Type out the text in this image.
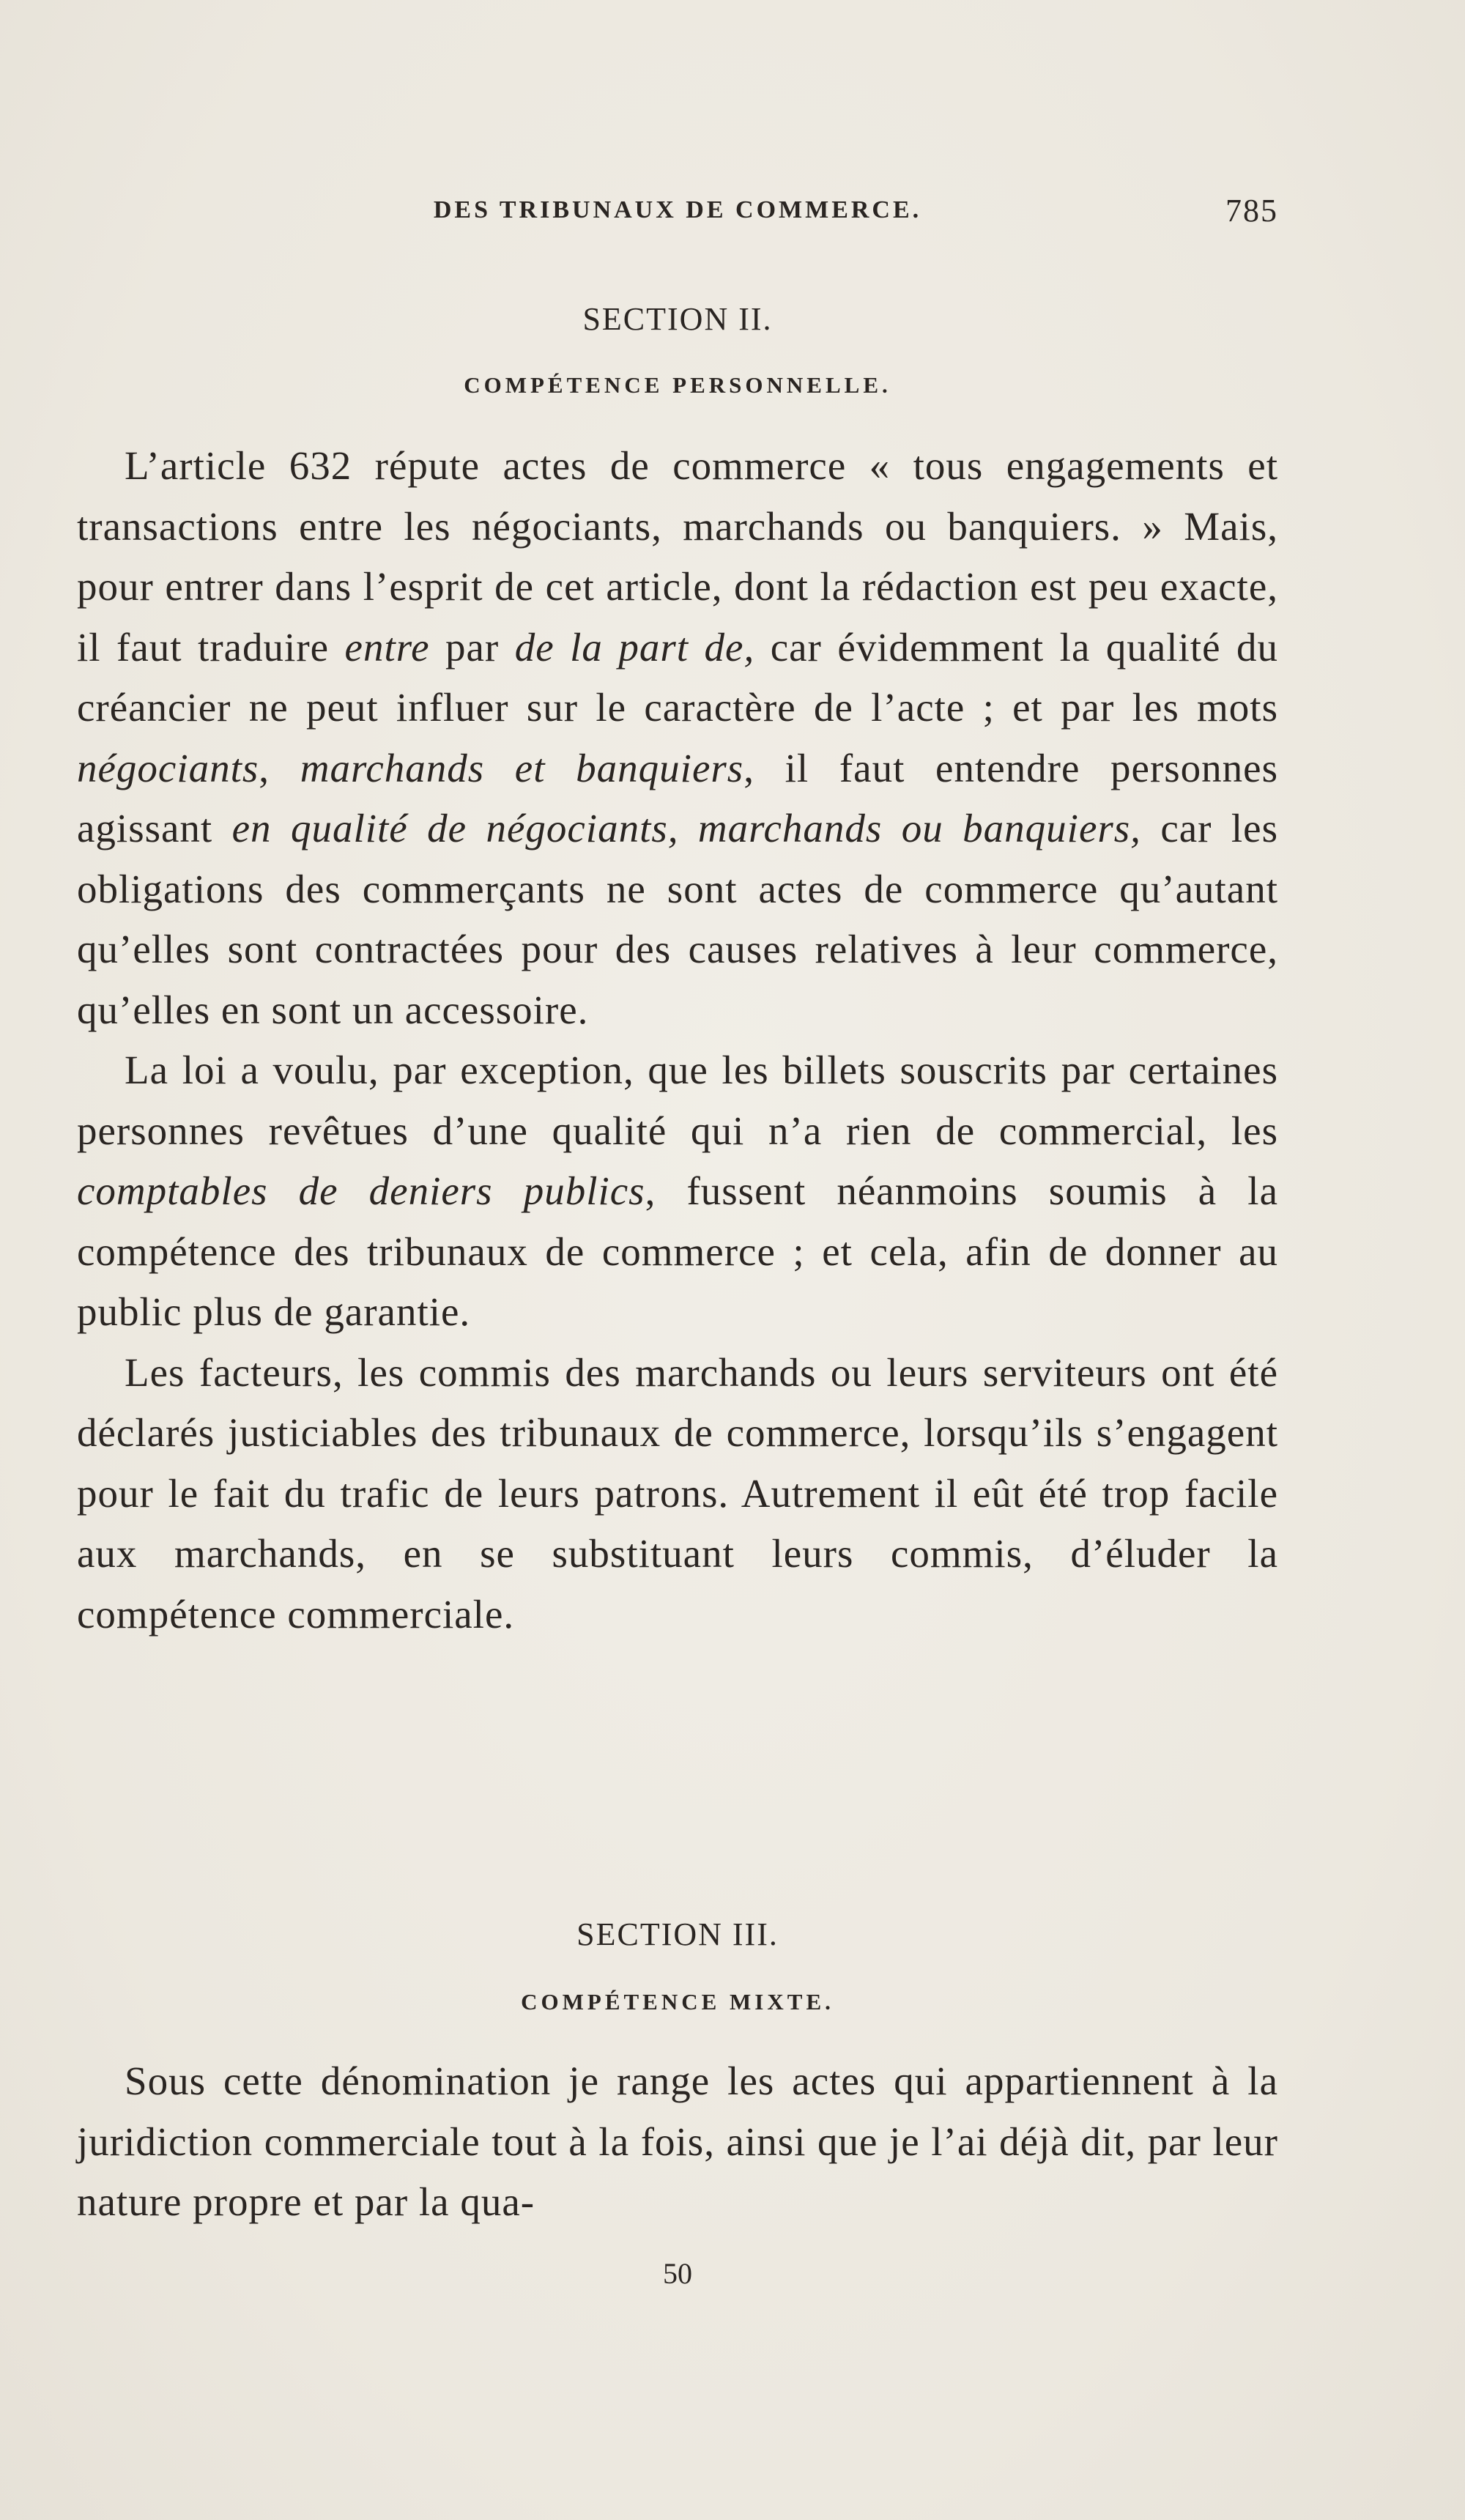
DES TRIBUNAUX DE COMMERCE.	785
SECTION II.
COMPÉTENCE PERSONNELLE.

L’article 632 répute actes de commerce « tous engagements et transactions entre les négociants, marchands ou banquiers. » Mais, pour entrer dans l’esprit de cet article, dont la rédaction est peu exacte, il faut traduire entre par de la part de, car évidemment la qualité du créancier ne peut influer sur le caractère de l’acte ; et par les mots négociants, marchands et banquiers, il faut entendre personnes agissant en qualité de négociants, marchands ou banquiers, car les obligations des commerçants ne sont actes de commerce qu’autant qu’elles sont contractées pour des causes relatives à leur commerce, qu’elles en sont un accessoire.

La loi a voulu, par exception, que les billets souscrits par certaines personnes revêtues d’une qualité qui n’a rien de commercial, les comptables de deniers publics, fussent néanmoins soumis à la compétence des tribunaux de commerce ; et cela, afin de donner au public plus de garantie.

Les facteurs, les commis des marchands ou leurs serviteurs ont été déclarés justiciables des tribunaux de commerce, lorsqu’ils s’engagent pour le fait du trafic de leurs patrons. Autrement il eût été trop facile aux marchands, en se substituant leurs commis, d’éluder la compétence commerciale.

SECTION III.
COMPÉTENCE MIXTE.

Sous cette dénomination je range les actes qui appartiennent à la juridiction commerciale tout à la fois, ainsi que je l’ai déjà dit, par leur nature propre et par la qua-

50
